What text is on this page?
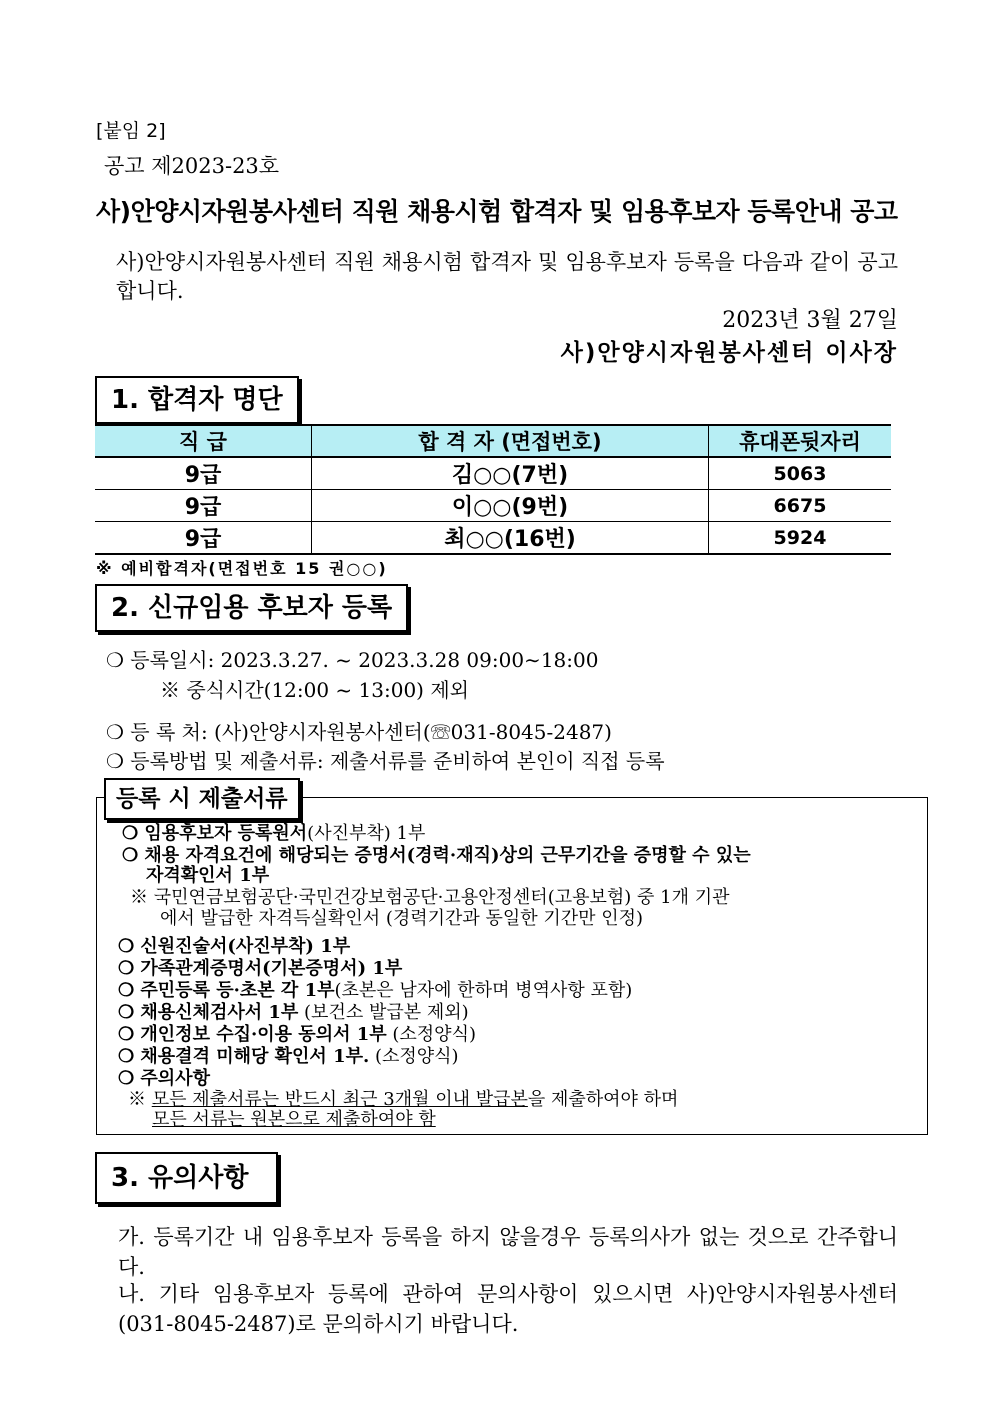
[붙임 2]
공고 제2023-23호
사)안양시자원봉사센터 직원 채용시험 합격자 및 임용후보자 등록안내 공고
사)안양시자원봉사센터 직원 채용시험 합격자 및 임용후보자 등록을 다음과 같이 공고합니다.
2023년 3월 27일
사)안양시자원봉사센터 이사장
1. 합격자 명단
직 급	합 격 자 (면접번호)	휴대폰뒷자리
9급	김○○(7번)	5063
9급	이○○(9번)	6675
9급	최○○(16번)	5924
※ 예비합격자(면접번호 15 권○○)
2. 신규임용 후보자 등록
❍ 등록일시: 2023.3.27. ~ 2023.3.28 09:00∼18:00
※ 중식시간(12:00 ~ 13:00) 제외
❍ 등 록 처: (사)안양시자원봉사센터(☏031-8045-2487)
❍ 등록방법 및 제출서류: 제출서류를 준비하여 본인이 직접 등록
등록 시 제출서류
❍ 임용후보자 등록원서(사진부착) 1부
❍ 채용 자격요건에 해당되는 증명서(경력·재직)상의 근무기간을 증명할 수 있는
자격확인서 1부
※ 국민연금보험공단·국민건강보험공단·고용안정센터(고용보험) 중 1개 기관
에서 발급한 자격득실확인서 (경력기간과 동일한 기간만 인정)
❍ 신원진술서(사진부착) 1부
❍ 가족관계증명서(기본증명서) 1부
❍ 주민등록 등·초본 각 1부(초본은 남자에 한하며 병역사항 포함)
❍ 채용신체검사서 1부 (보건소 발급본 제외)
❍ 개인정보 수집·이용 동의서 1부 (소정양식)
❍ 채용결격 미해당 확인서 1부. (소정양식)
❍ 주의사항
※ 모든 제출서류는 반드시 최근 3개월 이내 발급본을 제출하여야 하며
모든 서류는 원본으로 제출하여야 함
3. 유의사항
가. 등록기간 내 임용후보자 등록을 하지 않을경우 등록의사가 없는 것으로 간주합니다.
나. 기타 임용후보자 등록에 관하여 문의사항이 있으시면 사)안양시자원봉사센터(031-8045-2487)로 문의하시기 바랍니다.
